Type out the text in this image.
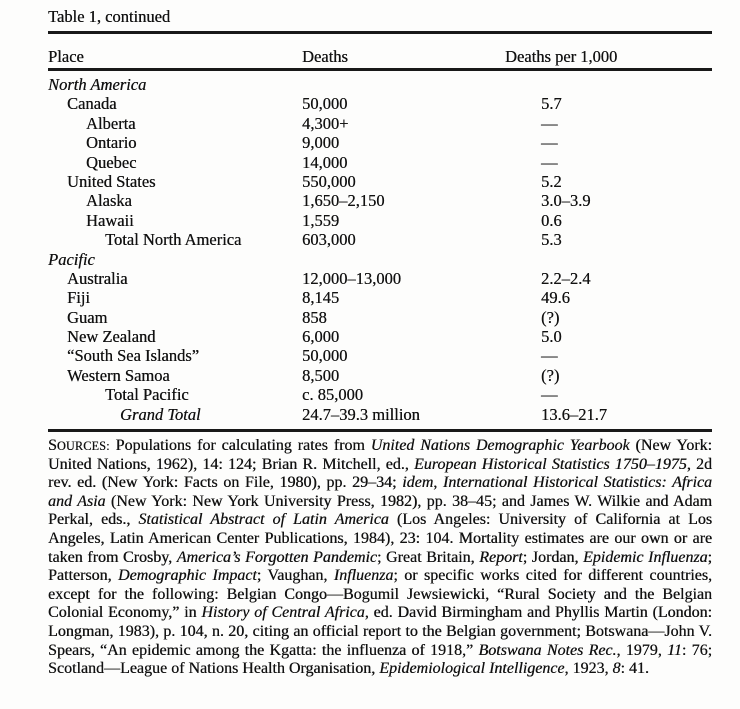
Table 1, continued
Place	Deaths	Deaths per 1,000
North America
Canada	50,000	5.7
Alberta	4,300+	—
Ontario	9,000	—
Quebec	14,000	—
United States	550,000	5.2
Alaska	1,650–2,150	3.0–3.9
Hawaii	1,559	0.6
Total North America	603,000	5.3
Pacific
Australia	12,000–13,000	2.2–2.4
Fiji	8,145	49.6
Guam	858	(?)
New Zealand	6,000	5.0
“South Sea Islands”	50,000	—
Western Samoa	8,500	(?)
Total Pacific	c. 85,000	—
Grand Total	24.7–39.3 million	13.6–21.7

SOURCES: Populations for calculating rates from United Nations Demographic Yearbook (New York: United Nations, 1962), 14: 124; Brian R. Mitchell, ed., European Historical Statistics 1750–1975, 2d rev. ed. (New York: Facts on File, 1980), pp. 29–34; idem, International Historical Statistics: Africa and Asia (New York: New York University Press, 1982), pp. 38–45; and James W. Wilkie and Adam Perkal, eds., Statistical Abstract of Latin America (Los Angeles: University of California at Los Angeles, Latin American Center Publications, 1984), 23: 104. Mortality estimates are our own or are taken from Crosby, America’s Forgotten Pandemic; Great Britain, Report; Jordan, Epidemic Influenza; Patterson, Demographic Impact; Vaughan, Influenza; or specific works cited for different countries, except for the following: Belgian Congo—Bogumil Jewsiewicki, “Rural Society and the Belgian Colonial Economy,” in History of Central Africa, ed. David Birmingham and Phyllis Martin (London: Longman, 1983), p. 104, n. 20, citing an official report to the Belgian government; Botswana—John V. Spears, “An epidemic among the Kgatta: the influenza of 1918,” Botswana Notes Rec., 1979, 11: 76; Scotland—League of Nations Health Organisation, Epidemiological Intelligence, 1923, 8: 41.
